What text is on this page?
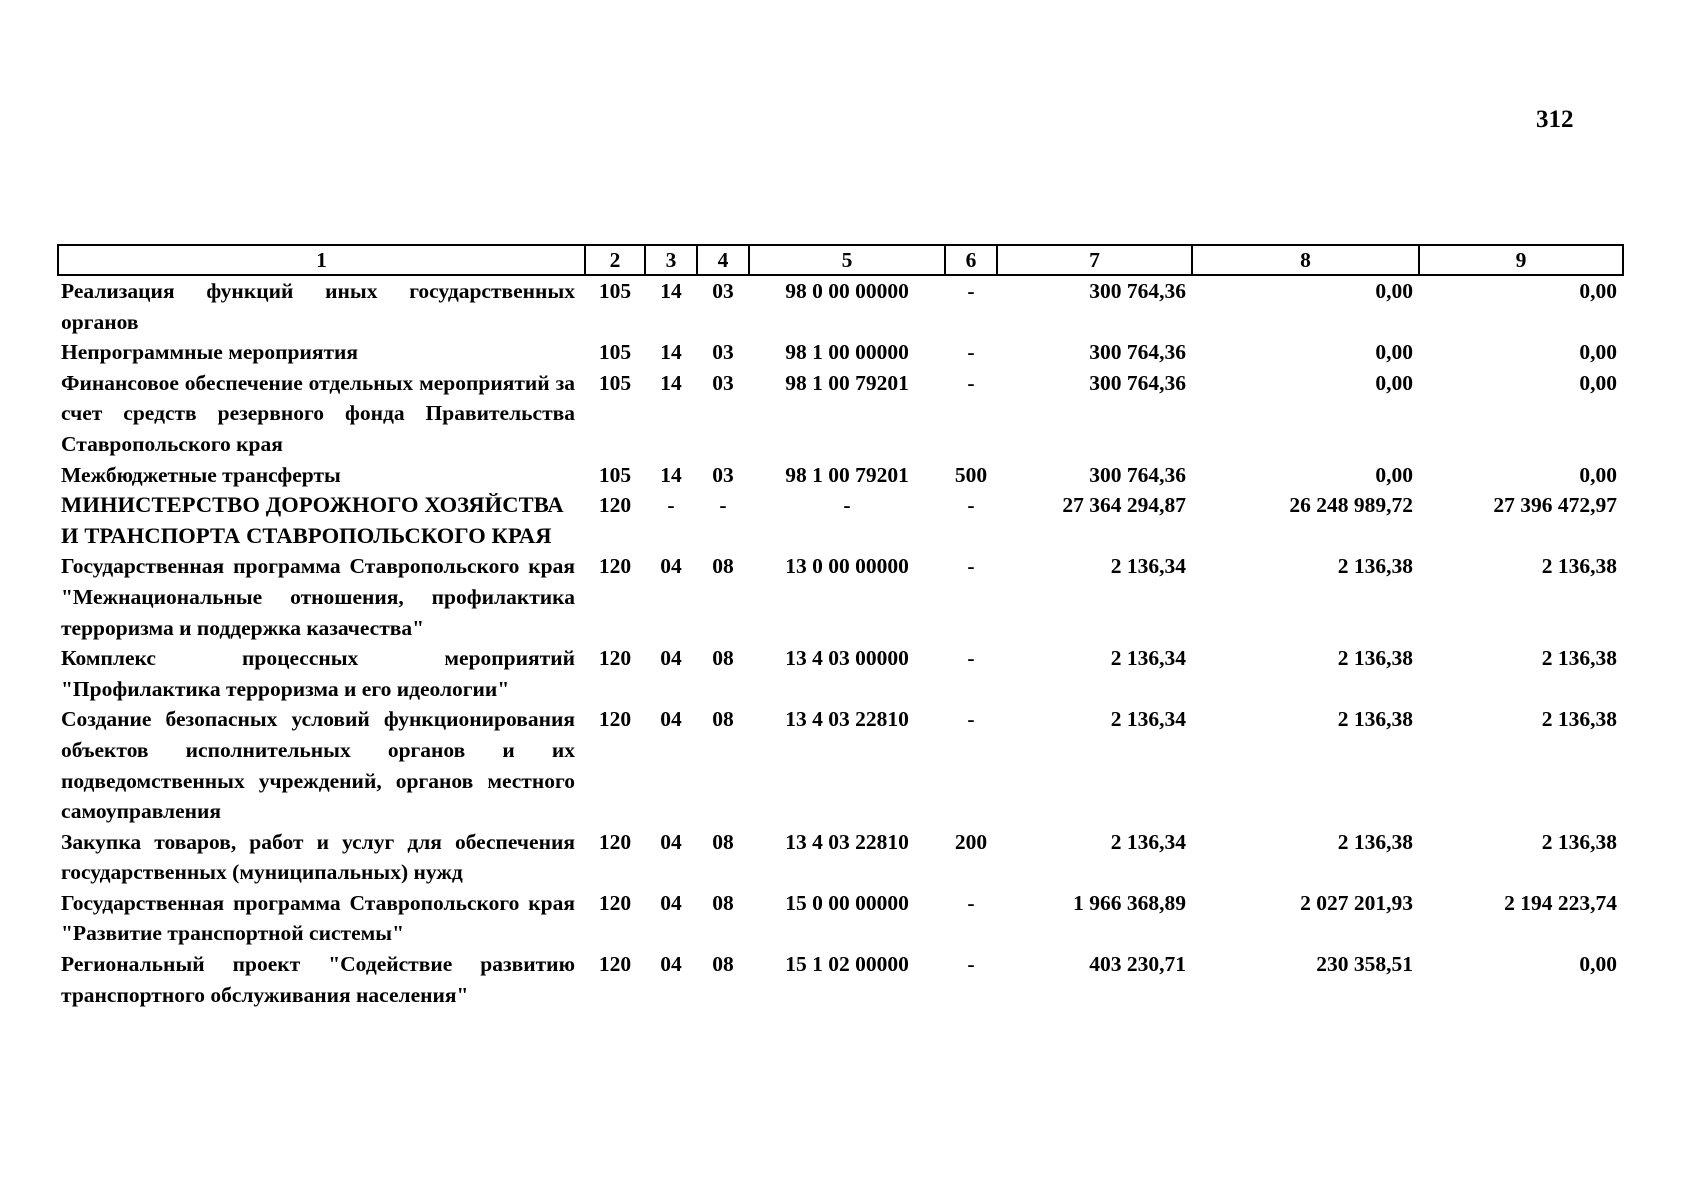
312
1	2	3	4	5	6	7	8	9
Реализация функций иных государственных органов	105	14	03	98 0 00 00000	-	300 764,36	0,00	0,00
Непрограммные мероприятия	105	14	03	98 1 00 00000	-	300 764,36	0,00	0,00
Финансовое обеспечение отдельных мероприятий за счет средств резервного фонда Правительства Ставропольского края	105	14	03	98 1 00 79201	-	300 764,36	0,00	0,00
Межбюджетные трансферты	105	14	03	98 1 00 79201	500	300 764,36	0,00	0,00
МИНИСТЕРСТВО ДОРОЖНОГО ХОЗЯЙСТВА И ТРАНСПОРТА СТАВРОПОЛЬСКОГО КРАЯ	120	-	-	-	-	27 364 294,87	26 248 989,72	27 396 472,97
Государственная программа Ставропольского края "Межнациональные отношения, профилактика терроризма и поддержка казачества"	120	04	08	13 0 00 00000	-	2 136,34	2 136,38	2 136,38
Комплекс процессных мероприятий "Профилактика терроризма и его идеологии"	120	04	08	13 4 03 00000	-	2 136,34	2 136,38	2 136,38
Создание безопасных условий функционирования объектов исполнительных органов и их подведомственных учреждений, органов местного самоуправления	120	04	08	13 4 03 22810	-	2 136,34	2 136,38	2 136,38
Закупка товаров, работ и услуг для обеспечения государственных (муниципальных) нужд	120	04	08	13 4 03 22810	200	2 136,34	2 136,38	2 136,38
Государственная программа Ставропольского края "Развитие транспортной системы"	120	04	08	15 0 00 00000	-	1 966 368,89	2 027 201,93	2 194 223,74
Региональный проект "Содействие развитию транспортного обслуживания населения"	120	04	08	15 1 02 00000	-	403 230,71	230 358,51	0,00
